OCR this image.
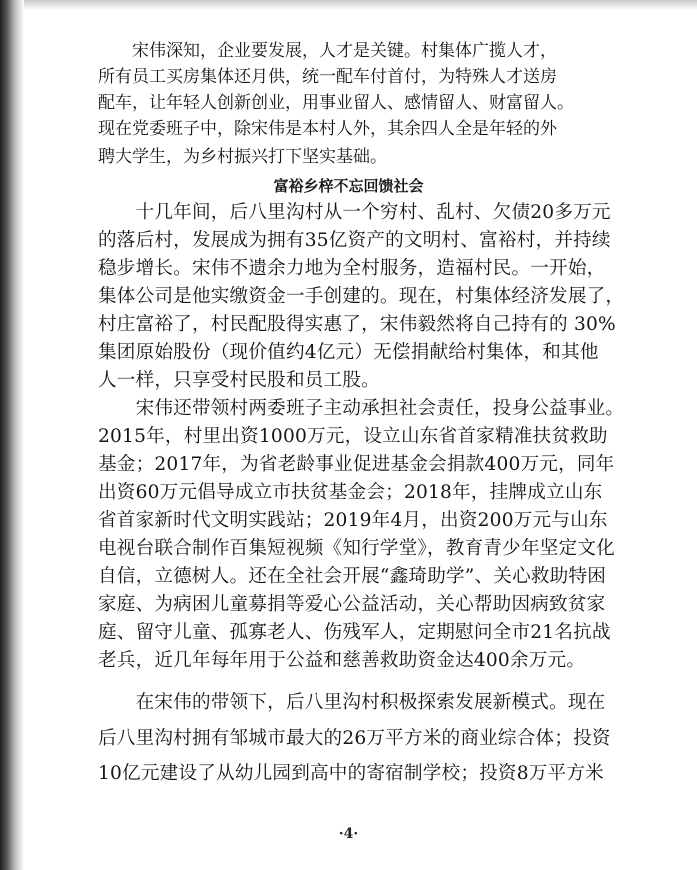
　　宋伟深知，企业要发展，人才是关键。村集体广揽人才，
所有员工买房集体还月供，统一配车付首付，为特殊人才送房
配车，让年轻人创新创业，用事业留人、感情留人、财富留人。
现在党委班子中，除宋伟是本村人外，其余四人全是年轻的外
聘大学生，为乡村振兴打下坚实基础。
富裕乡梓不忘回馈社会
　　十几年间，后八里沟村从一个穷村、乱村、欠债20多万元
的落后村，发展成为拥有35亿资产的文明村、富裕村，并持续
稳步增长。宋伟不遗余力地为全村服务，造福村民。一开始，
集体公司是他实缴资金一手创建的。现在，村集体经济发展了，
村庄富裕了，村民配股得实惠了，宋伟毅然将自己持有的 30%
集团原始股份（现价值约4亿元）无偿捐献给村集体，和其他
人一样，只享受村民股和员工股。
　　宋伟还带领村两委班子主动承担社会责任，投身公益事业。
2015年，村里出资1000万元，设立山东省首家精准扶贫救助
基金；2017年，为省老龄事业促进基金会捐款400万元，同年
出资60万元倡导成立市扶贫基金会；2018年，挂牌成立山东
省首家新时代文明实践站；2019年4月，出资200万元与山东
电视台联合制作百集短视频《知行学堂》，教育青少年坚定文化
自信，立德树人。还在全社会开展“鑫琦助学”、关心救助特困
家庭、为病困儿童募捐等爱心公益活动，关心帮助因病致贫家
庭、留守儿童、孤寡老人、伤残军人，定期慰问全市21名抗战
老兵，近几年每年用于公益和慈善救助资金达400余万元。
　　在宋伟的带领下，后八里沟村积极探索发展新模式。现在
后八里沟村拥有邹城市最大的26万平方米的商业综合体；投资
10亿元建设了从幼儿园到高中的寄宿制学校；投资8万平方米
·4·
